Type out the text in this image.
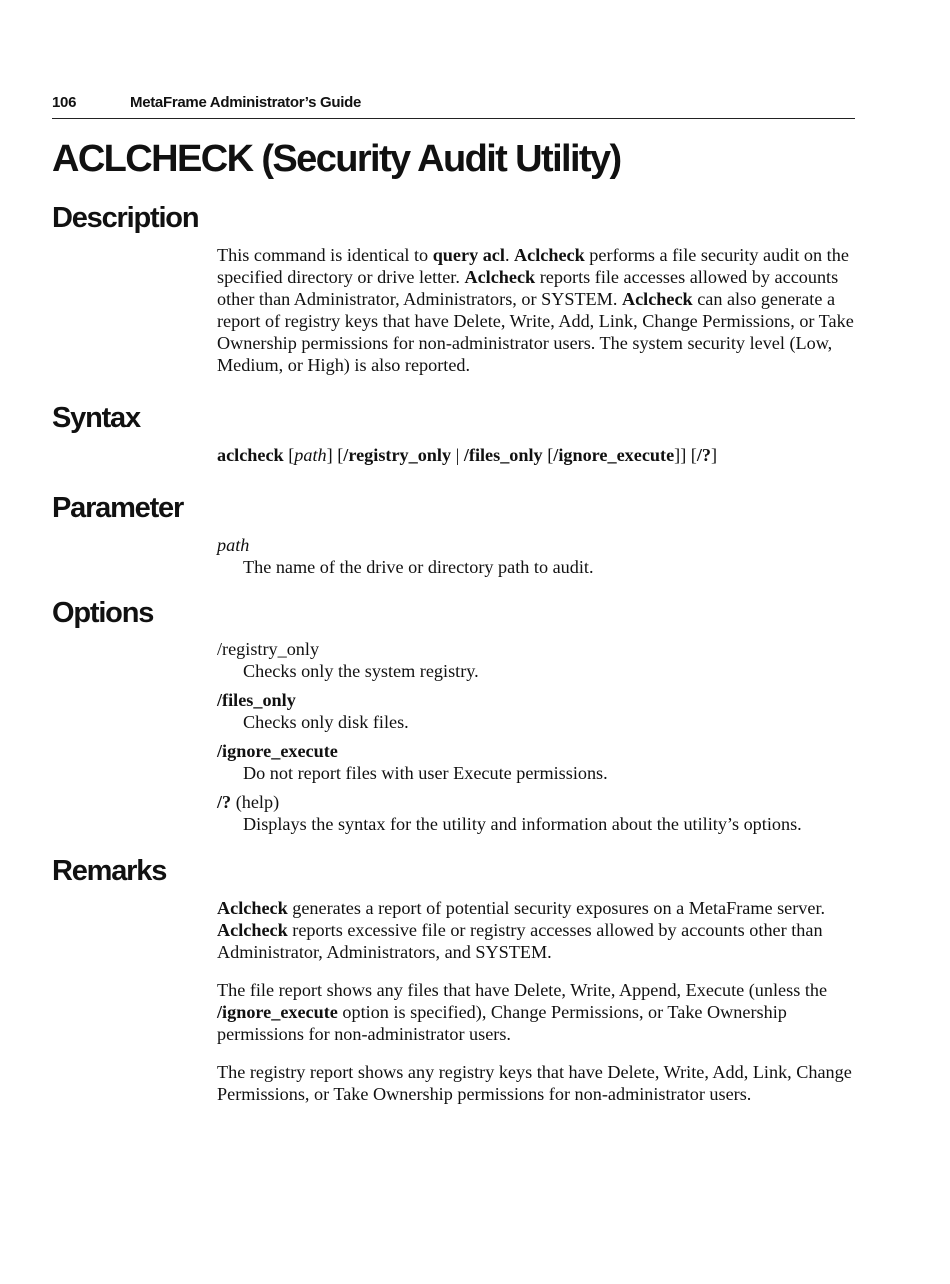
106	MetaFrame Administrator’s Guide
ACLCHECK (Security Audit Utility)
Description

This command is identical to query acl. Aclcheck performs a file security audit on the specified directory or drive letter. Aclcheck reports file accesses allowed by accounts other than Administrator, Administrators, or SYSTEM. Aclcheck can also generate a report of registry keys that have Delete, Write, Add, Link, Change Permissions, or Take Ownership permissions for non-administrator users. The system security level (Low, Medium, or High) is also reported.

Syntax

aclcheck [path] [/registry_only | /files_only [/ignore_execute]] [/?]

Parameter
path
The name of the drive or directory path to audit.
Options
/registry_only
Checks only the system registry.
/files_only
Checks only disk files.
/ignore_execute
Do not report files with user Execute permissions.
/? (help)
Displays the syntax for the utility and information about the utility’s options.
Remarks

Aclcheck generates a report of potential security exposures on a MetaFrame server. Aclcheck reports excessive file or registry accesses allowed by accounts other than Administrator, Administrators, and SYSTEM.

The file report shows any files that have Delete, Write, Append, Execute (unless the /ignore_execute option is specified), Change Permissions, or Take Ownership permissions for non-administrator users.

The registry report shows any registry keys that have Delete, Write, Add, Link, Change Permissions, or Take Ownership permissions for non-administrator users.
